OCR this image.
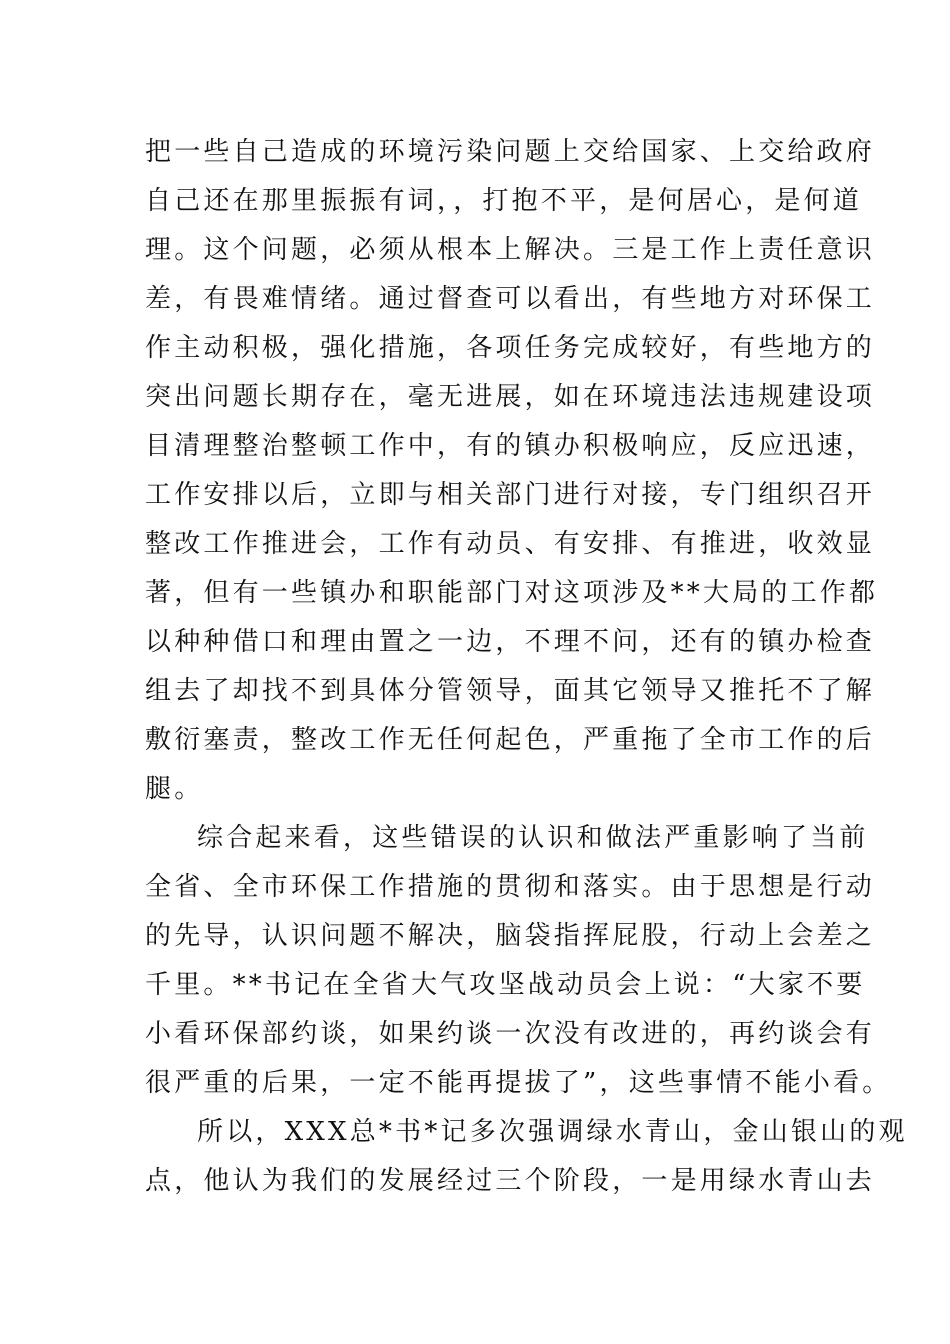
把一些自己造成的环境污染问题上交给国家、上交给政府
自己还在那里振振有词，，打抱不平，是何居心，是何道
理。这个问题，必须从根本上解决。三是工作上责任意识
差，有畏难情绪。通过督查可以看出，有些地方对环保工
作主动积极，强化措施，各项任务完成较好，有些地方的
突出问题长期存在，毫无进展，如在环境违法违规建设项
目清理整治整顿工作中，有的镇办积极响应，反应迅速，
工作安排以后，立即与相关部门进行对接，专门组织召开
整改工作推进会，工作有动员、有安排、有推进，收效显
著，但有一些镇办和职能部门对这项涉及**大局的工作都
以种种借口和理由置之一边，不理不问，还有的镇办检查
组去了却找不到具体分管领导，面其它领导又推托不了解
敷衍塞责，整改工作无任何起色，严重拖了全市工作的后
腿。
综合起来看，这些错误的认识和做法严重影响了当前
全省、全市环保工作措施的贯彻和落实。由于思想是行动
的先导，认识问题不解决，脑袋指挥屁股，行动上会差之
千里。**书记在全省大气攻坚战动员会上说：“大家不要
小看环保部约谈，如果约谈一次没有改进的，再约谈会有
很严重的后果，一定不能再提拔了”，这些事情不能小看。
所以，XXX总*书*记多次强调绿水青山，金山银山的观
点，他认为我们的发展经过三个阶段，一是用绿水青山去
